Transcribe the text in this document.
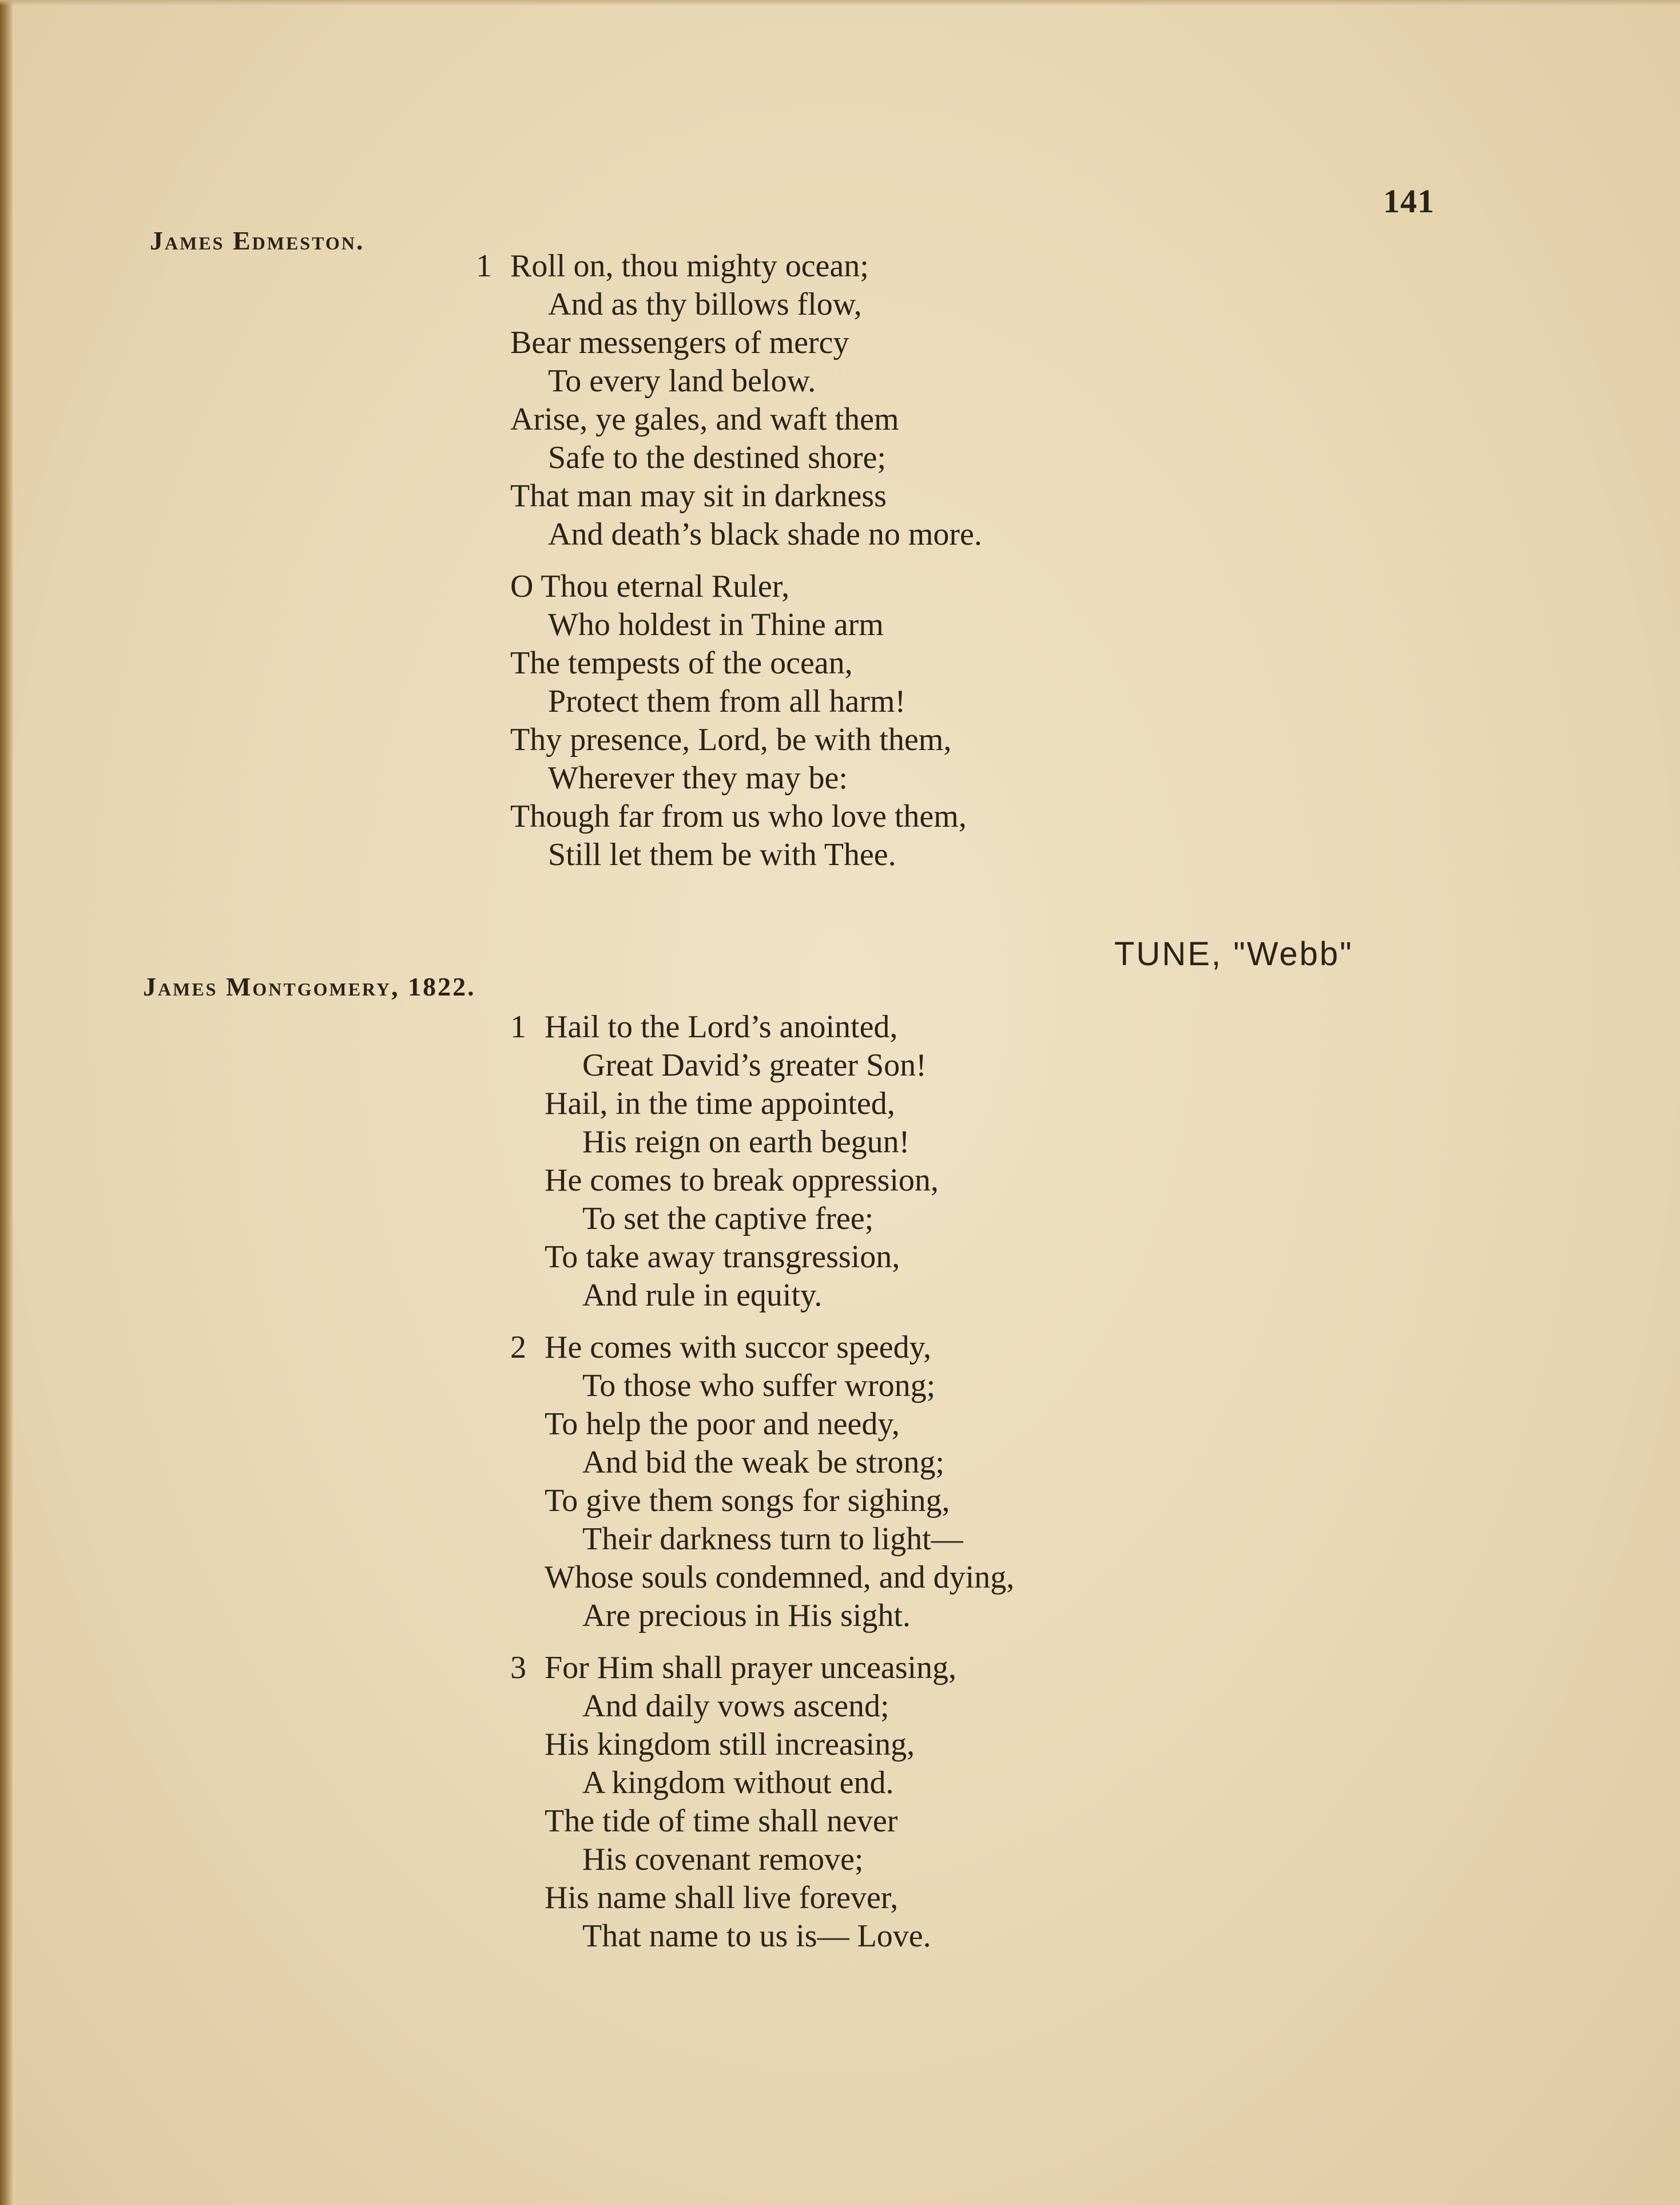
141
James Edmeston.
1 Roll on, thou mighty ocean;
And as thy billows flow,
Bear messengers of mercy
To every land below.
Arise, ye gales, and waft them
Safe to the destined shore;
That man may sit in darkness
And death’s black shade no more.
O Thou eternal Ruler,
Who holdest in Thine arm
The tempests of the ocean,
Protect them from all harm!
Thy presence, Lord, be with them,
Wherever they may be:
Though far from us who love them,
Still let them be with Thee.
TUNE, "Webb"
James Montgomery, 1822.
1 Hail to the Lord’s anointed,
Great David’s greater Son!
Hail, in the time appointed,
His reign on earth begun!
He comes to break oppression,
To set the captive free;
To take away transgression,
And rule in equity.
2 He comes with succor speedy,
To those who suffer wrong;
To help the poor and needy,
And bid the weak be strong;
To give them songs for sighing,
Their darkness turn to light—
Whose souls condemned, and dying,
Are precious in His sight.
3 For Him shall prayer unceasing,
And daily vows ascend;
His kingdom still increasing,
A kingdom without end.
The tide of time shall never
His covenant remove;
His name shall live forever,
That name to us is— Love.
